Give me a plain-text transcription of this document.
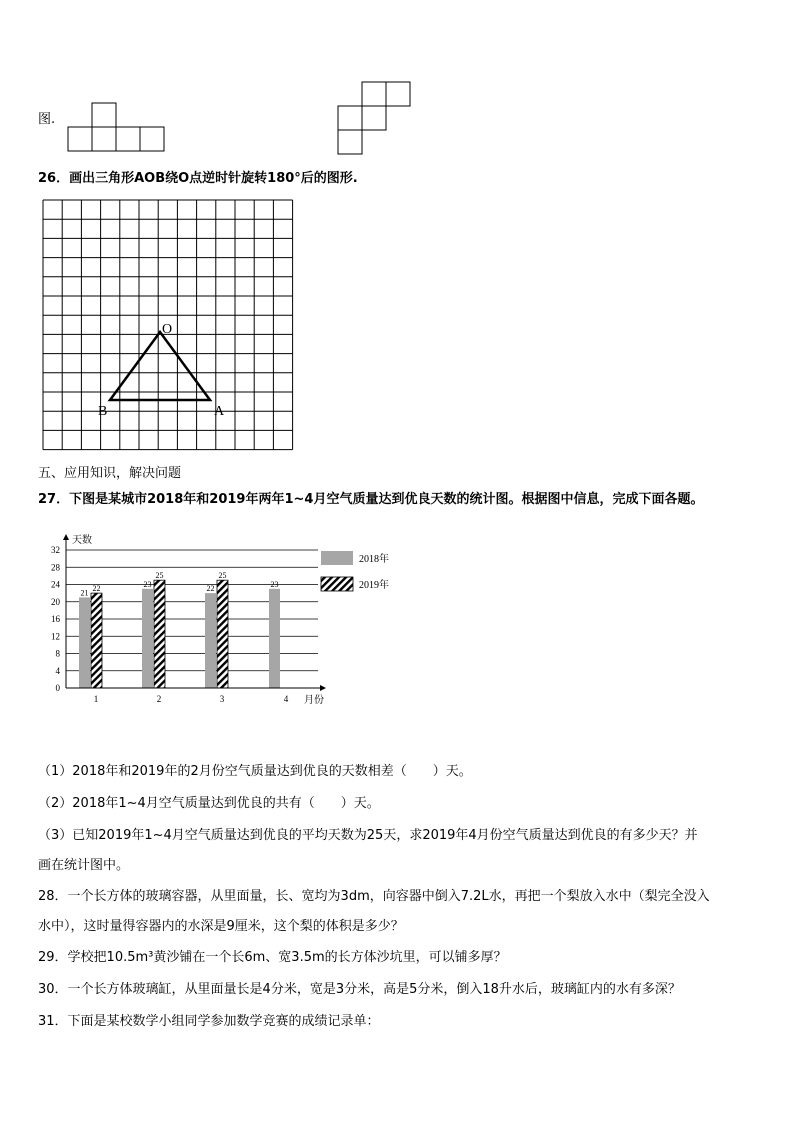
图.
26．画出三角形AOB绕O点逆时针旋转180°后的图形.
O
B	A
五、应用知识，解决问题
27．下图是某城市2018年和2019年两年1~4月空气质量达到优良天数的统计图。根据图中信息，完成下面各题。
0
4
8
12
16
20
24
28
32
1
21 22
2
23
25
3
22
25
4
23
天数
月份
2018年
2019年
（1）2018年和2019年的2月份空气质量达到优良的天数相差（　　）天。
（2）2018年1~4月空气质量达到优良的共有（　　）天。
（3）已知2019年1~4月空气质量达到优良的平均天数为25天，求2019年4月份空气质量达到优良的有多少天？并
画在统计图中。
28．一个长方体的玻璃容器，从里面量，长、宽均为3dm，向容器中倒入7.2L水，再把一个梨放入水中（梨完全没入
水中），这时量得容器内的水深是9厘米，这个梨的体积是多少？
29．学校把10.5m³黄沙铺在一个长6m、宽3.5m的长方体沙坑里，可以铺多厚？
30．一个长方体玻璃缸，从里面量长是4分米，宽是3分米，高是5分米，倒入18升水后，玻璃缸内的水有多深？
31．下面是某校数学小组同学参加数学竞赛的成绩记录单：
